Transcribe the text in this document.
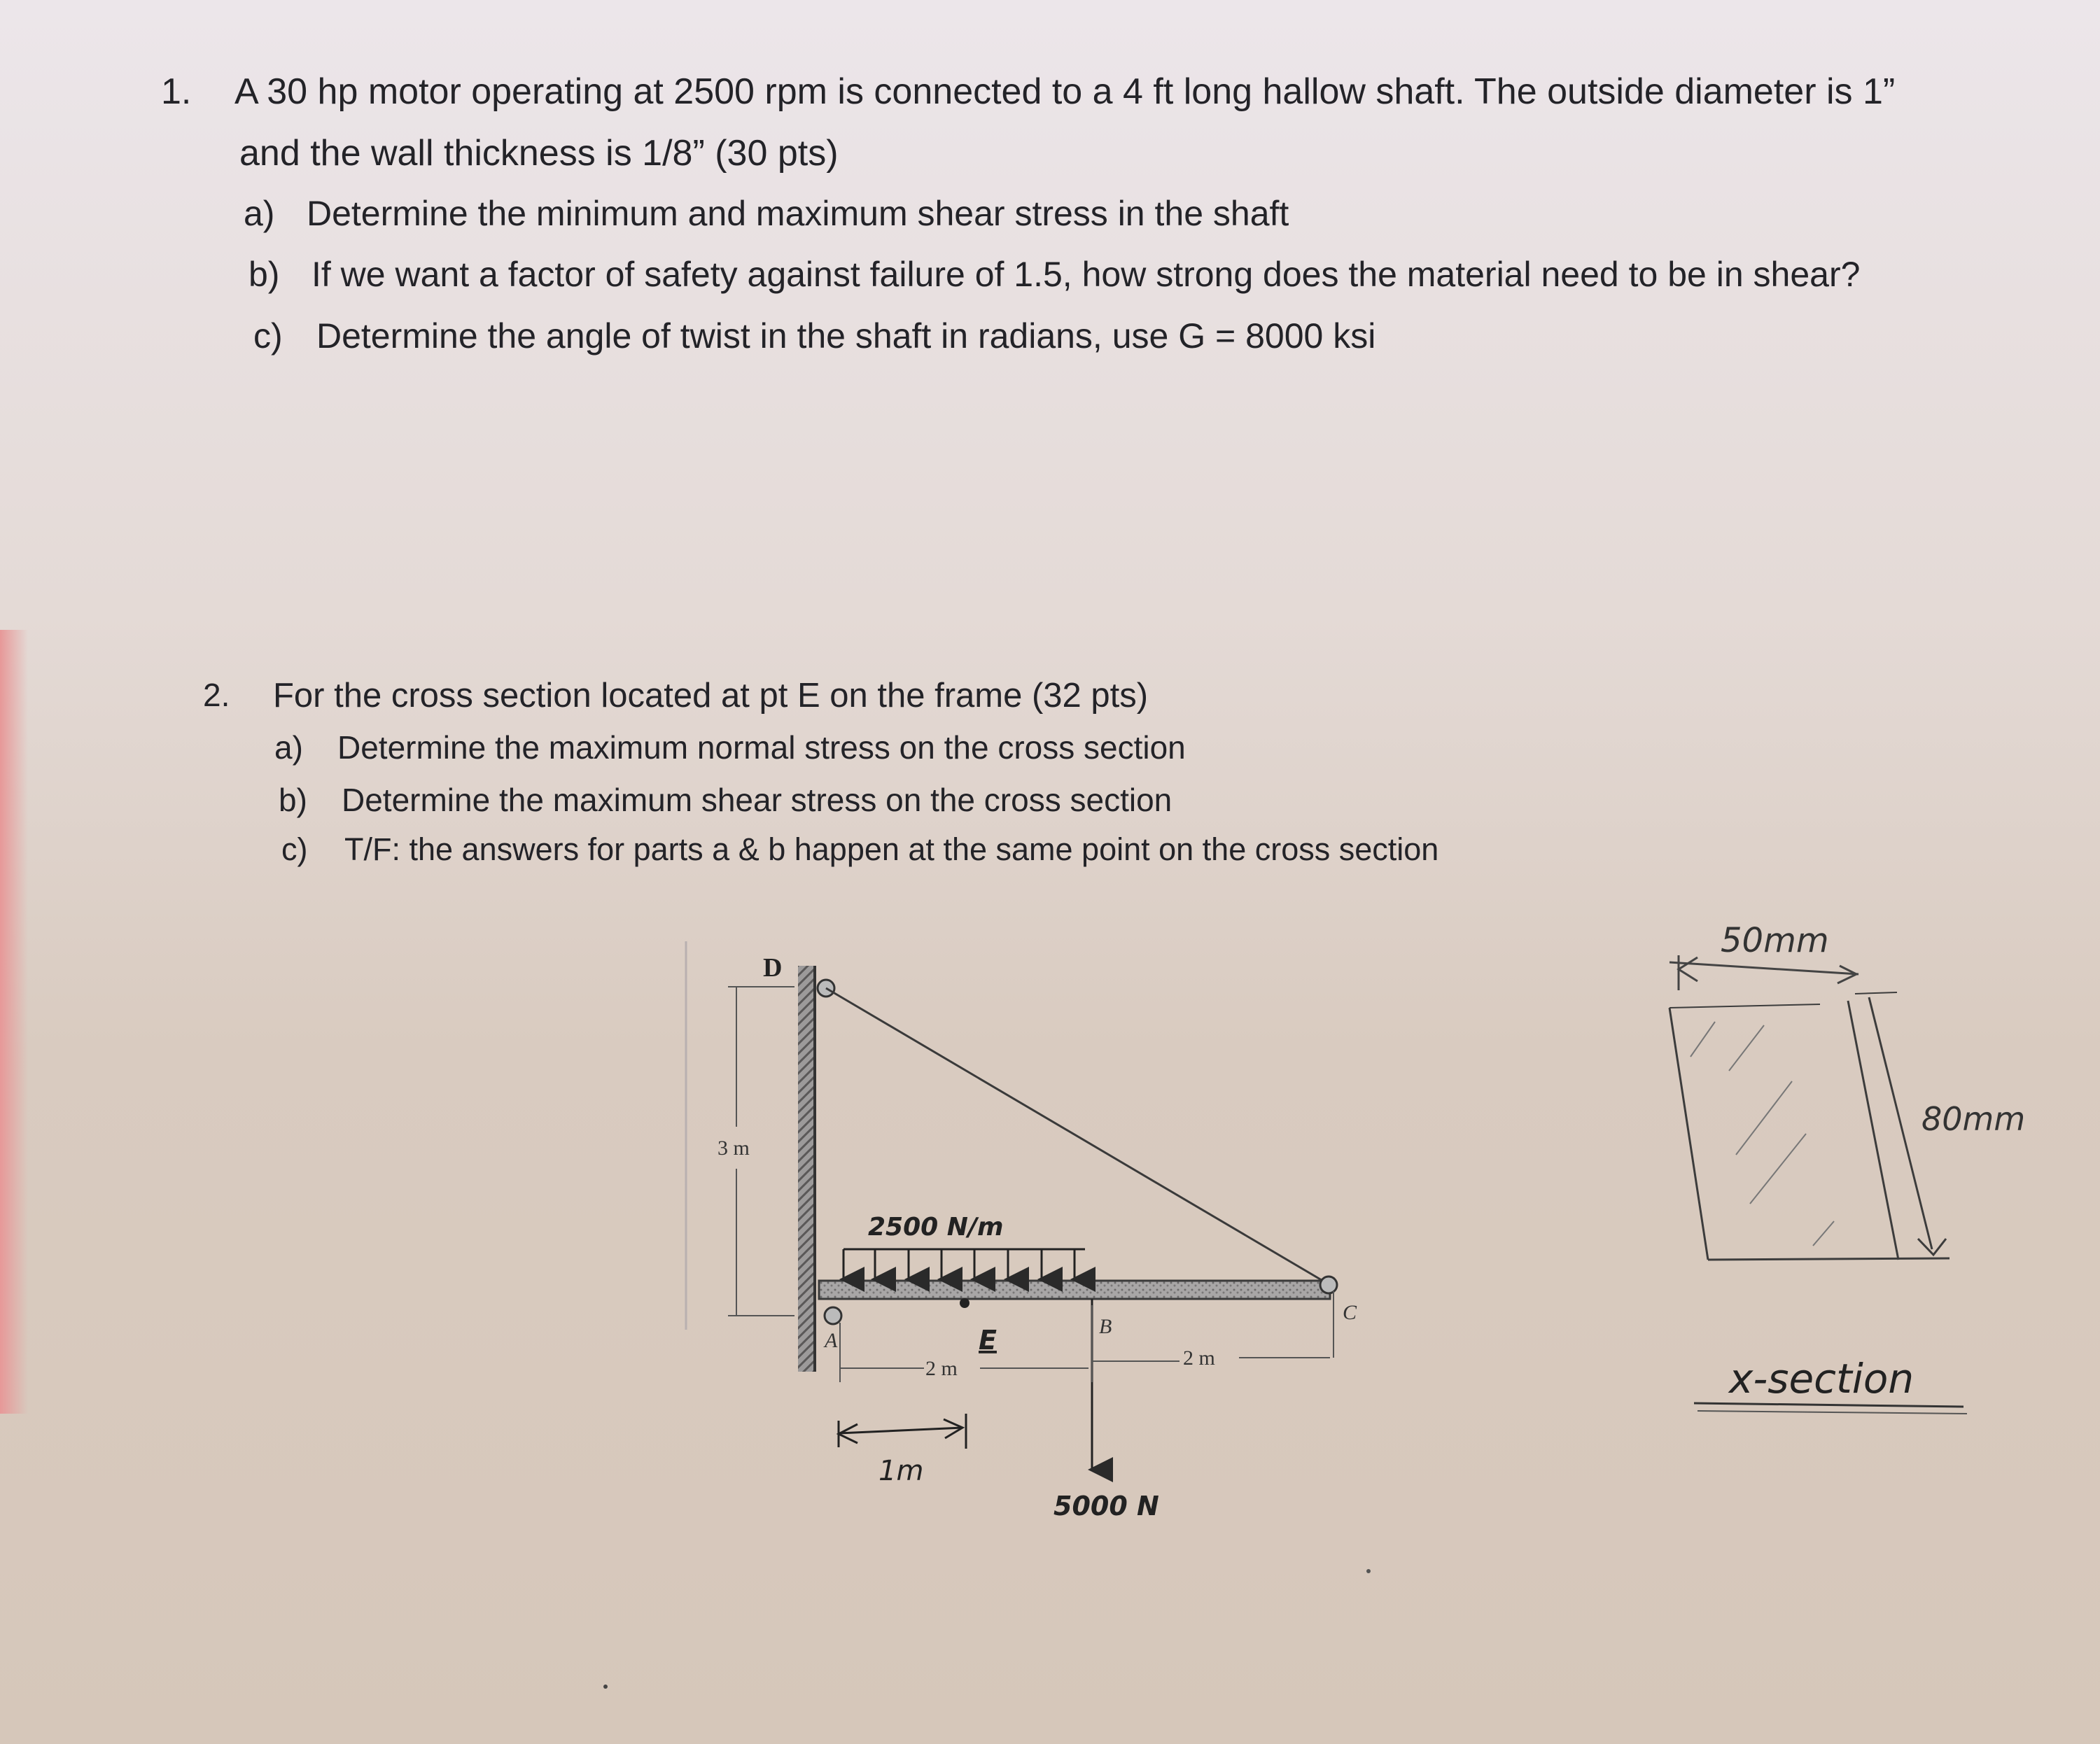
1. A 30 hp motor operating at 2500 rpm is connected to a 4 ft long hallow shaft. The outside diameter is 1”
and the wall thickness is 1/8” (30 pts)
a) Determine the minimum and maximum shear stress in the shaft
b) If we want a factor of safety against failure of 1.5, how strong does the material need to be in shear?
c) Determine the angle of twist in the shaft in radians, use G = 8000 ksi
2. For the cross section located at pt E on the frame (32 pts)
a) Determine the maximum normal stress on the cross section
b) Determine the maximum shear stress on the cross section
c) T/F: the answers for parts a & b happen at the same point on the cross section
3 m
D
A
2500 N/m
E	B
5000 N
C
2 m	2 m
1m
50mm
80mm
x-section
